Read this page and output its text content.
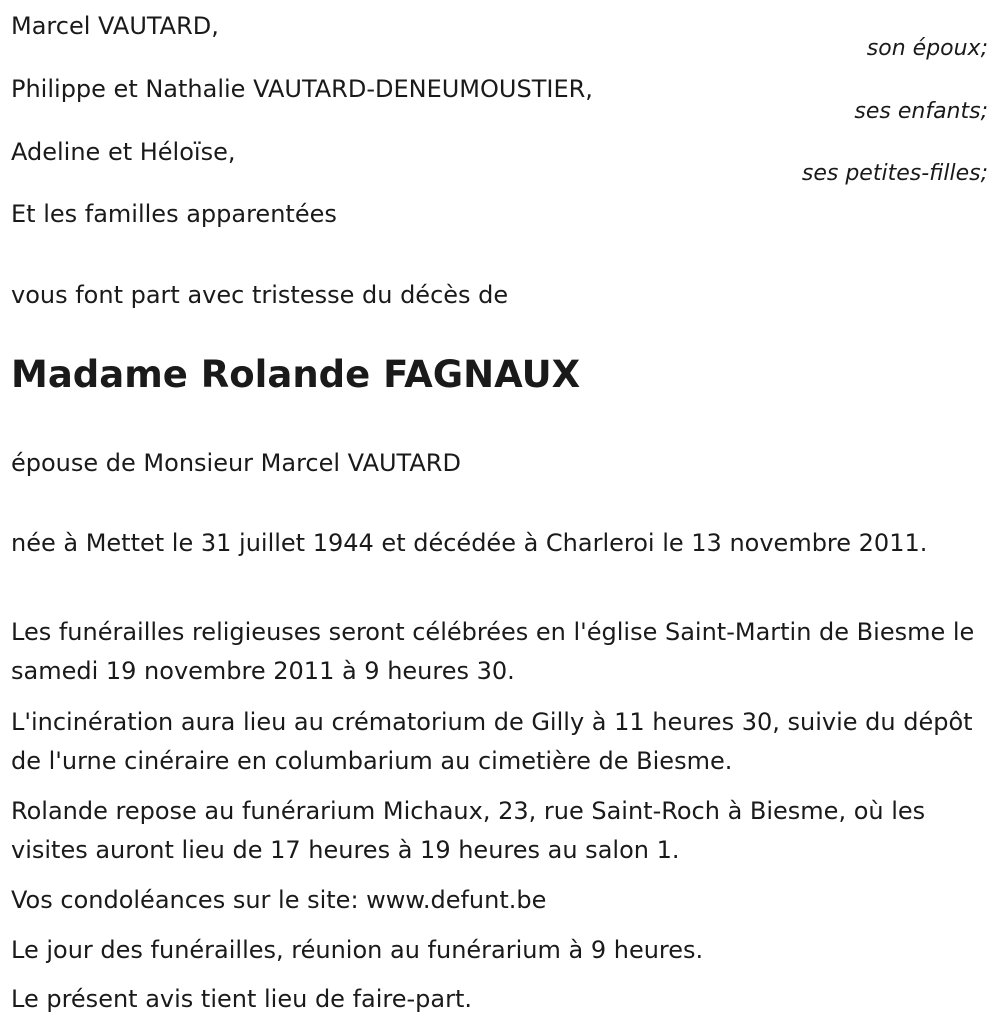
Marcel VAUTARD,
son époux;
Philippe et Nathalie VAUTARD-DENEUMOUSTIER,
ses enfants;
Adeline et Héloïse,
ses petites-filles;
Et les familles apparentées
vous font part avec tristesse du décès de
Madame Rolande FAGNAUX
épouse de Monsieur Marcel VAUTARD
née à Mettet le 31 juillet 1944 et décédée à Charleroi le 13 novembre 2011.
Les funérailles religieuses seront célébrées en l'église Saint-Martin de Biesme le samedi 19 novembre 2011 à 9 heures 30.
L'incinération aura lieu au crématorium de Gilly à 11 heures 30, suivie du dépôt de l'urne cinéraire en columbarium au cimetière de Biesme.
Rolande repose au funérarium Michaux, 23, rue Saint-Roch à Biesme, où les visites auront lieu de 17 heures à 19 heures au salon 1.
Vos condoléances sur le site: www.defunt.be
Le jour des funérailles, réunion au funérarium à 9 heures.
Le présent avis tient lieu de faire-part.
